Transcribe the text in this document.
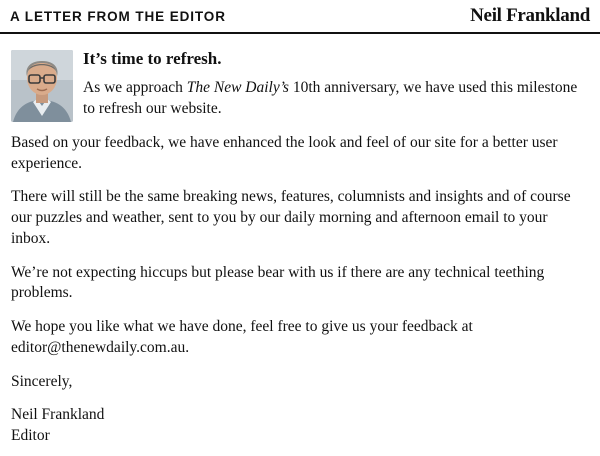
A LETTER FROM THE EDITOR	Neil Frankland
It’s time to refresh.

As we approach The New Daily’s 10th anniversary, we have used this milestone to refresh our website.

Based on your feedback, we have enhanced the look and feel of our site for a better user experience.

There will still be the same breaking news, features, columnists and insights and of course our puzzles and weather, sent to you by our daily morning and afternoon email to your inbox.

We’re not expecting hiccups but please bear with us if there are any technical teething problems.

We hope you like what we have done, feel free to give us your feedback at editor@thenewdaily.com.au.

Sincerely,

Neil Frankland
Editor
